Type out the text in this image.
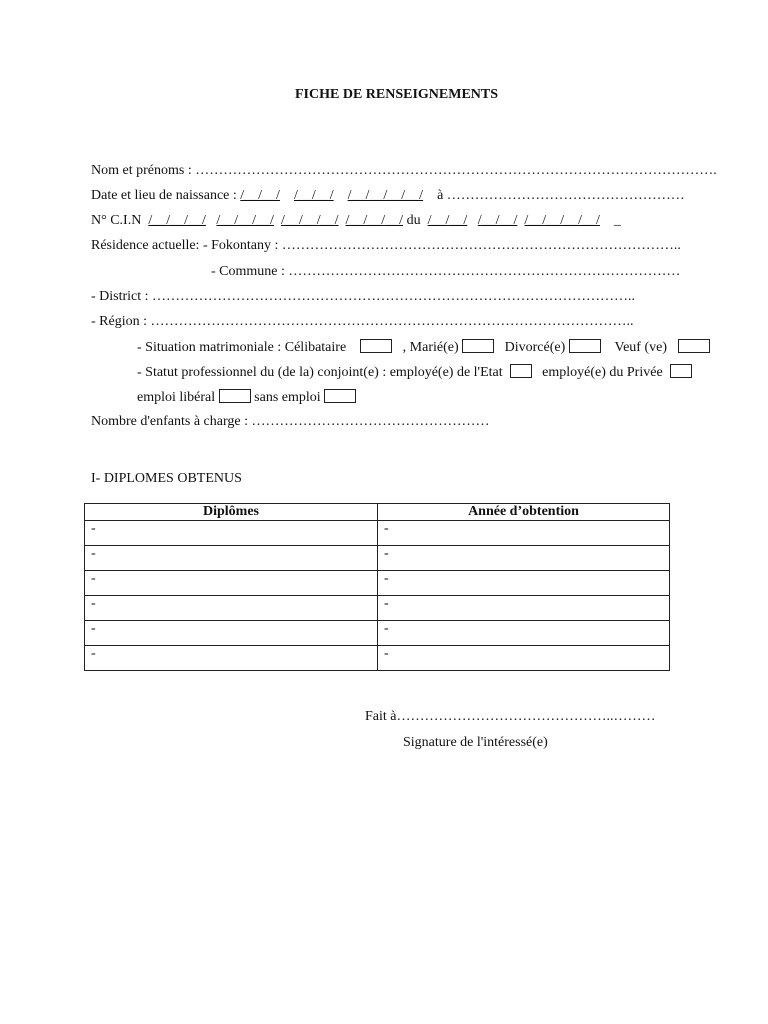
FICHE DE RENSEIGNEMENTS
Nom et prénoms : ………………………………………………………………………………………………….
Date et lieu de naissance : /__/__/ /__/__/ /__/__/__/__/ à ……………………………………………
N° C.I.N /__/__/__/ /__/__/__/ /__/__/__/ /__/__/__/ du /__/__/ /__/__/ /__/__/__/__/ _
Résidence actuelle: - Fokontany : …………………………………………………………………………..
- Commune : …………………………………………………………………………
- District : …………………………………………………………………………………………..
- Région : …………………………………………………………………………………………..
- Situation matrimoniale : Célibataire	, Marié(e)	Divorcé(e)	Veuf (ve)
- Statut professionnel du (de la) conjoint(e) : employé(e) de l'Etat	employé(e) du Privée
emploi libéral	sans emploi
Nombre d'enfants à charge : ……………………………………………
I- DIPLOMES OBTENUS
Diplômes	Année d’obtention
-	-
-	-
-	-
-	-
-	-
-	-
Fait à………………………………………..………
Signature de l'intéressé(e)
